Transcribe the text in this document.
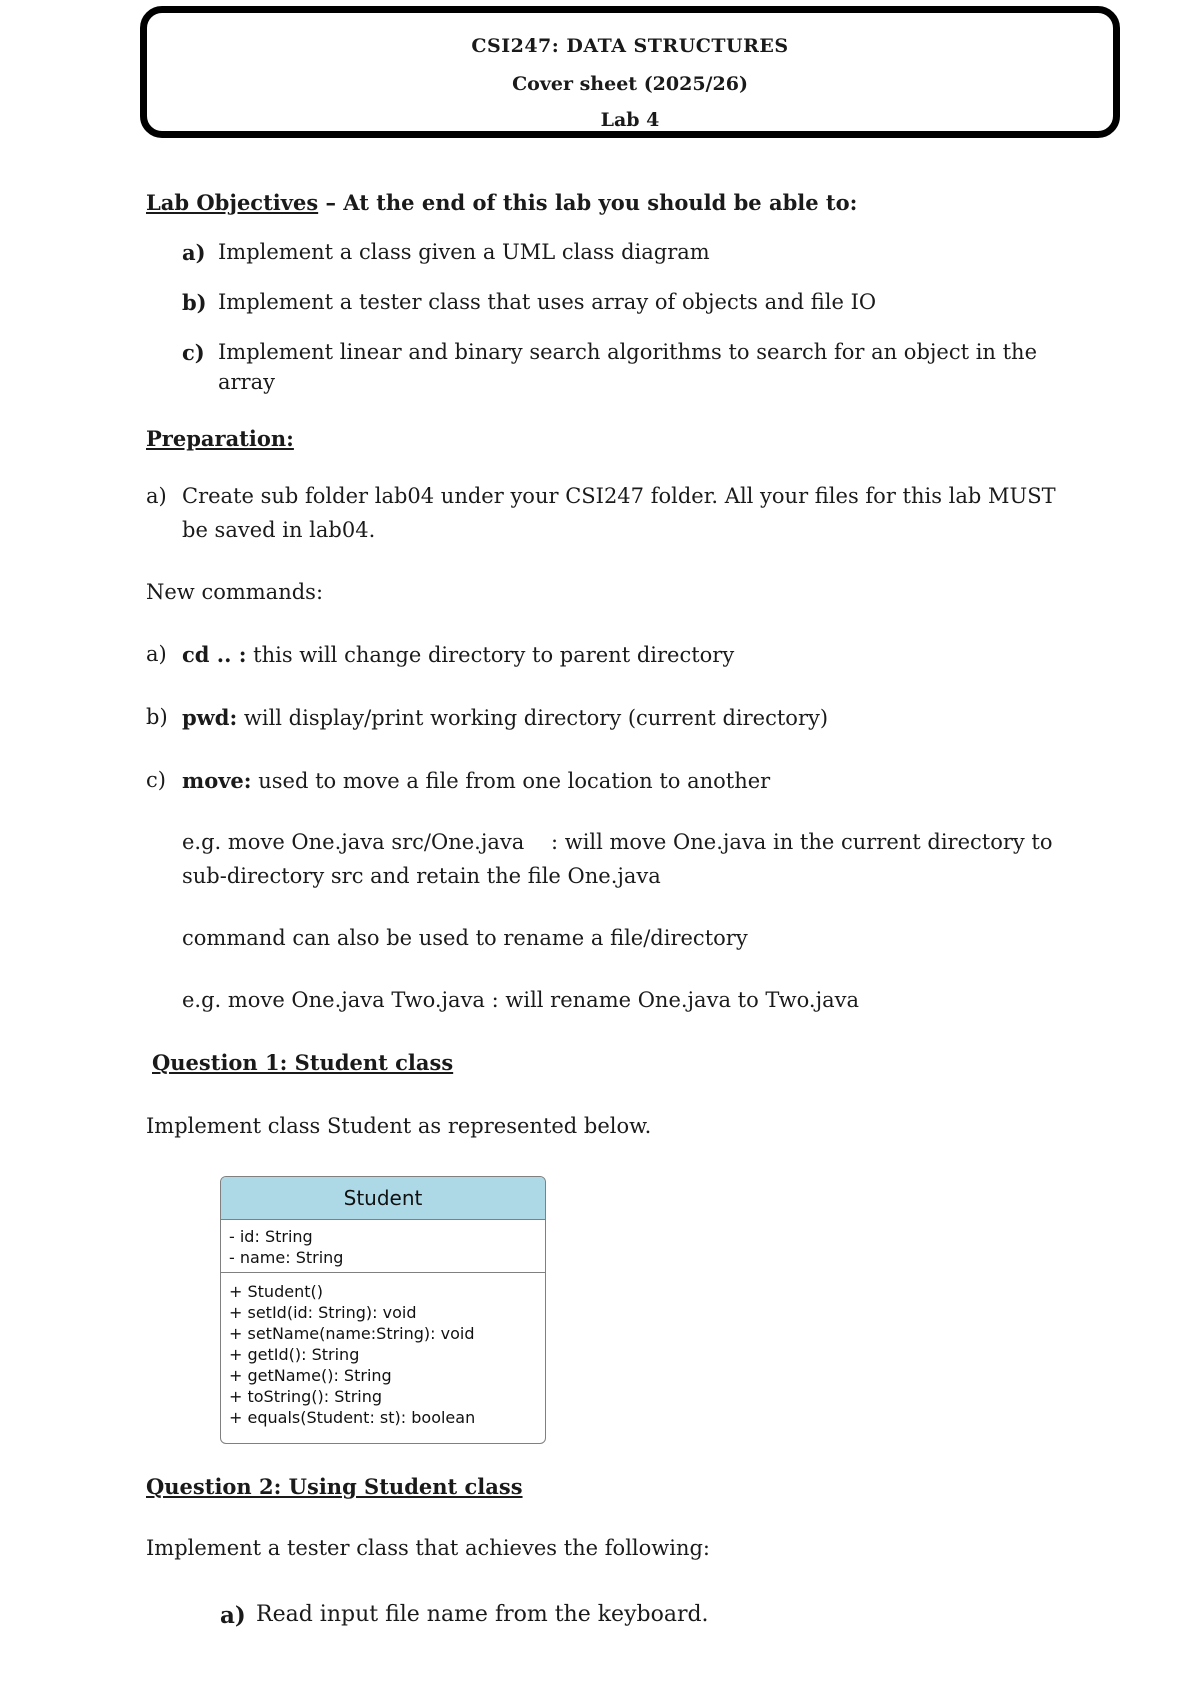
CSI247: DATA STRUCTURES
Cover sheet (2025/26)
Lab 4
Lab Objectives – At the end of this lab you should be able to:
a) Implement a class given a UML class diagram
b) Implement a tester class that uses array of objects and file IO
c) Implement linear and binary search algorithms to search for an object in the
array
Preparation:
a) Create sub folder lab04 under your CSI247 folder. All your files for this lab MUST
be saved in lab04.
New commands:
a) cd .. : this will change directory to parent directory
b) pwd: will display/print working directory (current directory)
c) move: used to move a file from one location to another
e.g. move One.java src/One.java    : will move One.java in the current directory to
sub-directory src and retain the file One.java
command can also be used to rename a file/directory
e.g. move One.java Two.java : will rename One.java to Two.java
Question 1: Student class
Implement class Student as represented below.
Student
- id: String
- name: String
+ Student()
+ setId(id: String): void
+ setName(name:String): void
+ getId(): String
+ getName(): String
+ toString(): String
+ equals(Student: st): boolean
Question 2: Using Student class
Implement a tester class that achieves the following:
a) Read input file name from the keyboard.
